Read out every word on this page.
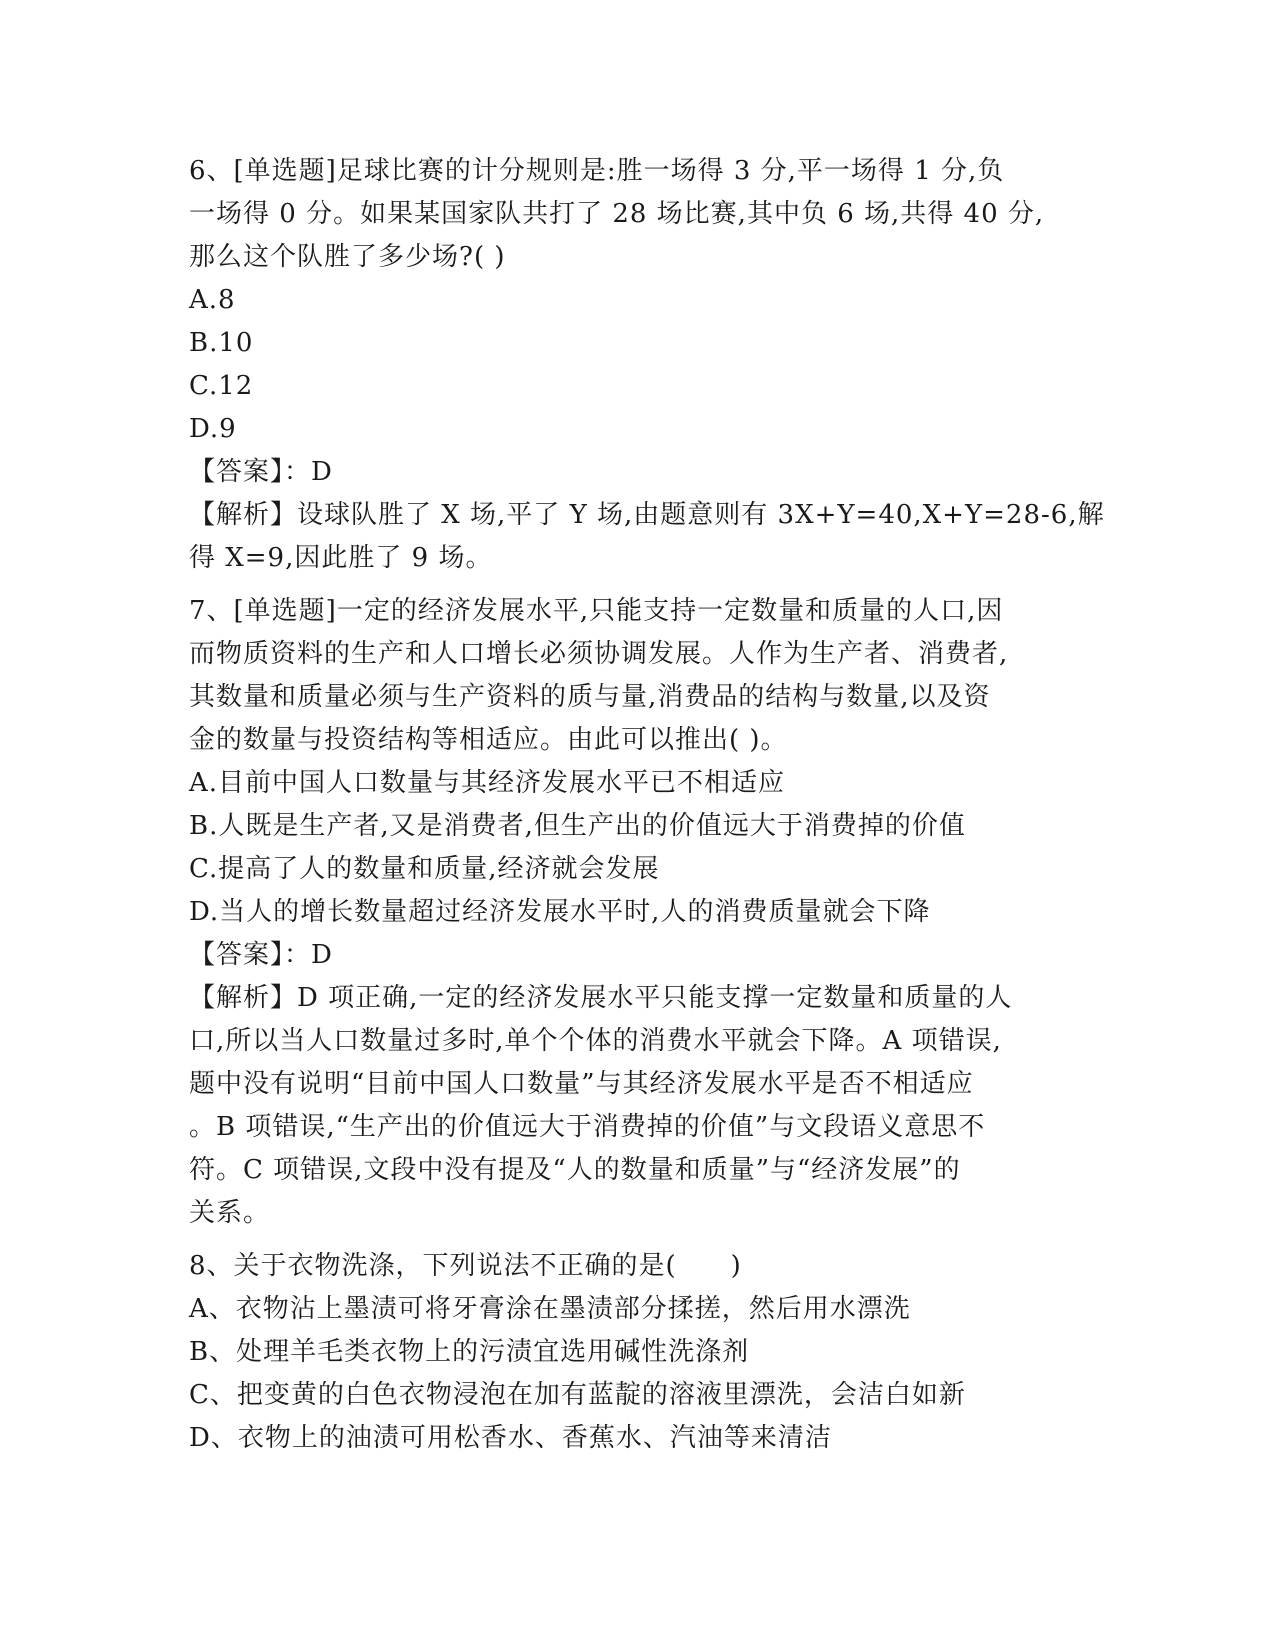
6、[单选题]足球比赛的计分规则是:胜一场得 3 分,平一场得 1 分,负
一场得 0 分。如果某国家队共打了 28 场比赛,其中负 6 场,共得 40 分,
那么这个队胜了多少场?( )
A.8
B.10
C.12
D.9
【答案】：D
【解析】设球队胜了 X 场,平了 Y 场,由题意则有 3X+Y=40,X+Y=28-6,解
得 X=9,因此胜了 9 场。
7、[单选题]一定的经济发展水平,只能支持一定数量和质量的人口,因
而物质资料的生产和人口增长必须协调发展。人作为生产者、消费者,
其数量和质量必须与生产资料的质与量,消费品的结构与数量,以及资
金的数量与投资结构等相适应。由此可以推出( )。
A.目前中国人口数量与其经济发展水平已不相适应
B.人既是生产者,又是消费者,但生产出的价值远大于消费掉的价值
C.提高了人的数量和质量,经济就会发展
D.当人的增长数量超过经济发展水平时,人的消费质量就会下降
【答案】：D
【解析】D 项正确,一定的经济发展水平只能支撑一定数量和质量的人
口,所以当人口数量过多时,单个个体的消费水平就会下降。A 项错误,
题中没有说明“目前中国人口数量”与其经济发展水平是否不相适应
。B 项错误,“生产出的价值远大于消费掉的价值”与文段语义意思不
符。C 项错误,文段中没有提及“人的数量和质量”与“经济发展”的
关系。
8、关于衣物洗涤，下列说法不正确的是(　　)
A、衣物沾上墨渍可将牙膏涂在墨渍部分揉搓，然后用水漂洗
B、处理羊毛类衣物上的污渍宜选用碱性洗涤剂
C、把变黄的白色衣物浸泡在加有蓝靛的溶液里漂洗，会洁白如新
D、衣物上的油渍可用松香水、香蕉水、汽油等来清洁
